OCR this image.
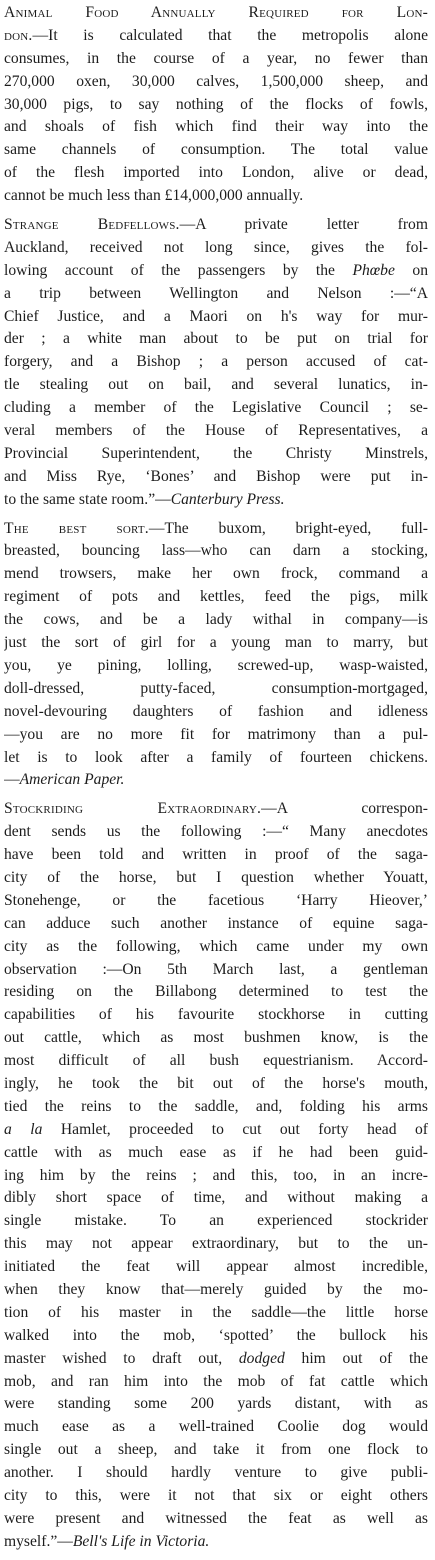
Animal Food Annually Required for Lon-
don.—It is calculated that the metropolis alone
consumes, in the course of a year, no fewer than
270,000 oxen, 30,000 calves, 1,500,000 sheep, and
30,000 pigs, to say nothing of the flocks of fowls,
and shoals of fish which find their way into the
same channels of consumption. The total value
of the flesh imported into London, alive or dead,
cannot be much less than £14,000,000 annually.
Strange Bedfellows.—A private letter from
Auckland, received not long since, gives the fol-
lowing account of the passengers by the Phœbe on
a trip between Wellington and Nelson :—“A
Chief Justice, and a Maori on h's way for mur-
der ; a white man about to be put on trial for
forgery, and a Bishop ; a person accused of cat-
tle stealing out on bail, and several lunatics, in-
cluding a member of the Legislative Council ; se-
veral members of the House of Representatives, a
Provincial Superintendent, the Christy Minstrels,
and Miss Rye, ‘Bones’ and Bishop were put in-
to the same state room.”—Canterbury Press.
The best sort.—The buxom, bright-eyed, full-
breasted, bouncing lass—who can darn a stocking,
mend trowsers, make her own frock, command a
regiment of pots and kettles, feed the pigs, milk
the cows, and be a lady withal in company—is
just the sort of girl for a young man to marry, but
you, ye pining, lolling, screwed-up, wasp-waisted,
doll-dressed, putty-faced, consumption-mortgaged,
novel-devouring daughters of fashion and idleness
—you are no more fit for matrimony than a pul-
let is to look after a family of fourteen chickens.
—American Paper.
Stockriding Extraordinary.—A correspon-
dent sends us the following :—“ Many anecdotes
have been told and written in proof of the saga-
city of the horse, but I question whether Youatt,
Stonehenge, or the facetious ‘Harry Hieover,’
can adduce such another instance of equine saga-
city as the following, which came under my own
observation :—On 5th March last, a gentleman
residing on the Billabong determined to test the
capabilities of his favourite stockhorse in cutting
out cattle, which as most bushmen know, is the
most difficult of all bush equestrianism. Accord-
ingly, he took the bit out of the horse's mouth,
tied the reins to the saddle, and, folding his arms
a la Hamlet, proceeded to cut out forty head of
cattle with as much ease as if he had been guid-
ing him by the reins ; and this, too, in an incre-
dibly short space of time, and without making a
single mistake. To an experienced stockrider
this may not appear extraordinary, but to the un-
initiated the feat will appear almost incredible,
when they know that—merely guided by the mo-
tion of his master in the saddle—the little horse
walked into the mob, ‘spotted’ the bullock his
master wished to draft out, dodged him out of the
mob, and ran him into the mob of fat cattle which
were standing some 200 yards distant, with as
much ease as a well-trained Coolie dog would
single out a sheep, and take it from one flock to
another. I should hardly venture to give publi-
city to this, were it not that six or eight others
were present and witnessed the feat as well as
myself.”—Bell's Life in Victoria.
